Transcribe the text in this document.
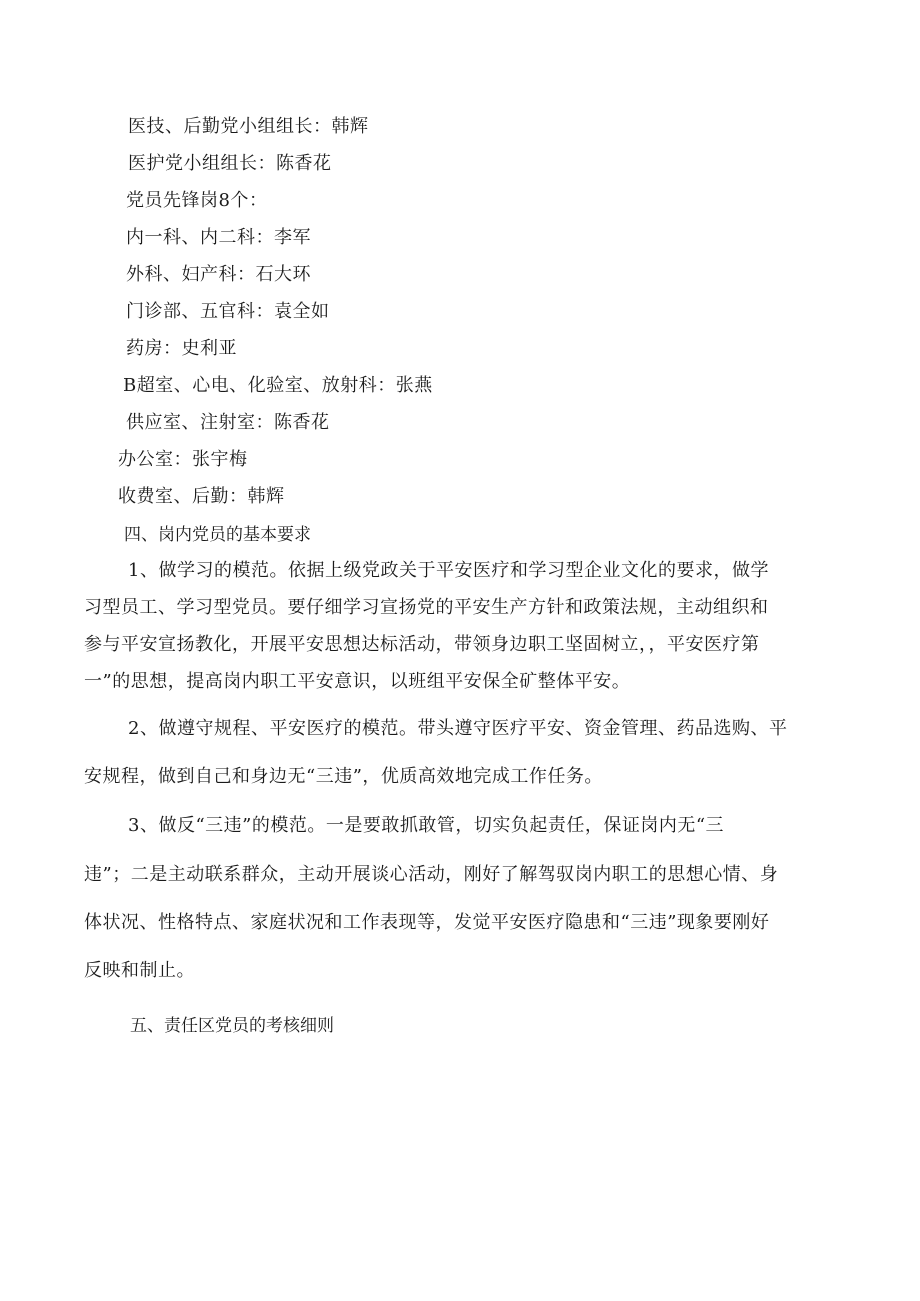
医技、后勤党小组组长：韩辉
医护党小组组长：陈香花
党员先锋岗8个：
内一科、内二科：李军
外科、妇产科：石大环
门诊部、五官科：袁全如
药房：史利亚
B超室、心电、化验室、放射科：张燕
供应室、注射室：陈香花
办公室：张宇梅
收费室、后勤：韩辉
四、岗内党员的基本要求
1、做学习的模范。依据上级党政关于平安医疗和学习型企业文化的要求，做学
习型员工、学习型党员。要仔细学习宣扬党的平安生产方针和政策法规，主动组织和
参与平安宣扬教化，开展平安思想达标活动，带领身边职工坚固树立，，平安医疗第
一”的思想，提高岗内职工平安意识，以班组平安保全矿整体平安。
2、做遵守规程、平安医疗的模范。带头遵守医疗平安、资金管理、药品选购、平
安规程，做到自己和身边无“三违”，优质高效地完成工作任务。
3、做反“三违”的模范。一是要敢抓敢管，切实负起责任，保证岗内无“三
违”；二是主动联系群众，主动开展谈心活动，刚好了解驾驭岗内职工的思想心情、身
体状况、性格特点、家庭状况和工作表现等，发觉平安医疗隐患和“三违”现象要刚好
反映和制止。
五、责任区党员的考核细则
